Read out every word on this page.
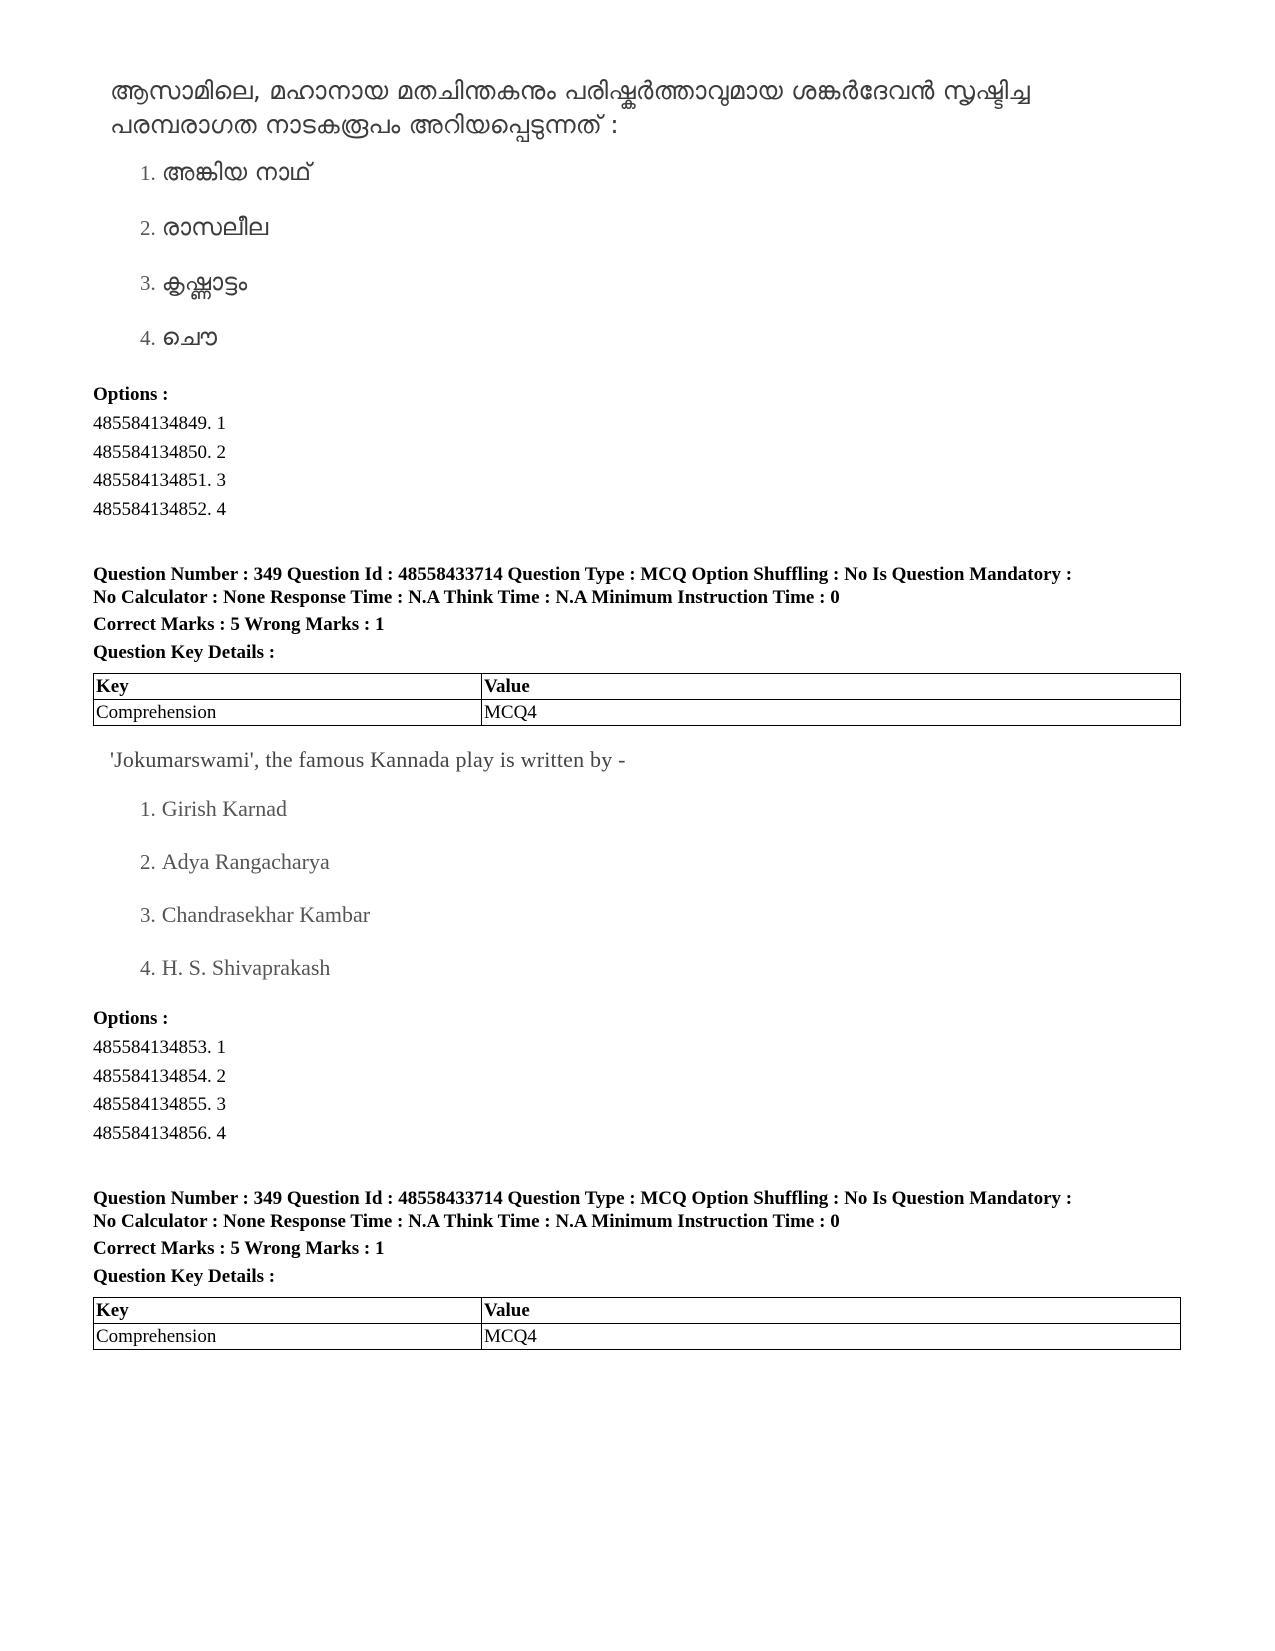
ആസാമിലെ, മഹാനായ മതചിന്തകനും പരിഷ്കർത്താവുമായ ശങ്കർദേവൻ സൃഷ്ടിച്ച
പരമ്പരാഗത നാടകരൂപം അറിയപ്പെടുന്നത് :
1. അങ്കിയ നാഥ്
2. രാസലീല
3. കൃഷ്ണാട്ടം
4. ചൌ
Options :
485584134849. 1
485584134850. 2
485584134851. 3
485584134852. 4
Question Number : 349 Question Id : 48558433714 Question Type : MCQ Option Shuffling : No Is Question Mandatory :
No Calculator : None Response Time : N.A Think Time : N.A Minimum Instruction Time : 0
Correct Marks : 5 Wrong Marks : 1
Question Key Details :
Key	Value
Comprehension	MCQ4
'Jokumarswami', the famous Kannada play is written by -
1. Girish Karnad
2. Adya Rangacharya
3. Chandrasekhar Kambar
4. H. S. Shivaprakash
Options :
485584134853. 1
485584134854. 2
485584134855. 3
485584134856. 4
Question Number : 349 Question Id : 48558433714 Question Type : MCQ Option Shuffling : No Is Question Mandatory :
No Calculator : None Response Time : N.A Think Time : N.A Minimum Instruction Time : 0
Correct Marks : 5 Wrong Marks : 1
Question Key Details :
Key	Value
Comprehension	MCQ4
